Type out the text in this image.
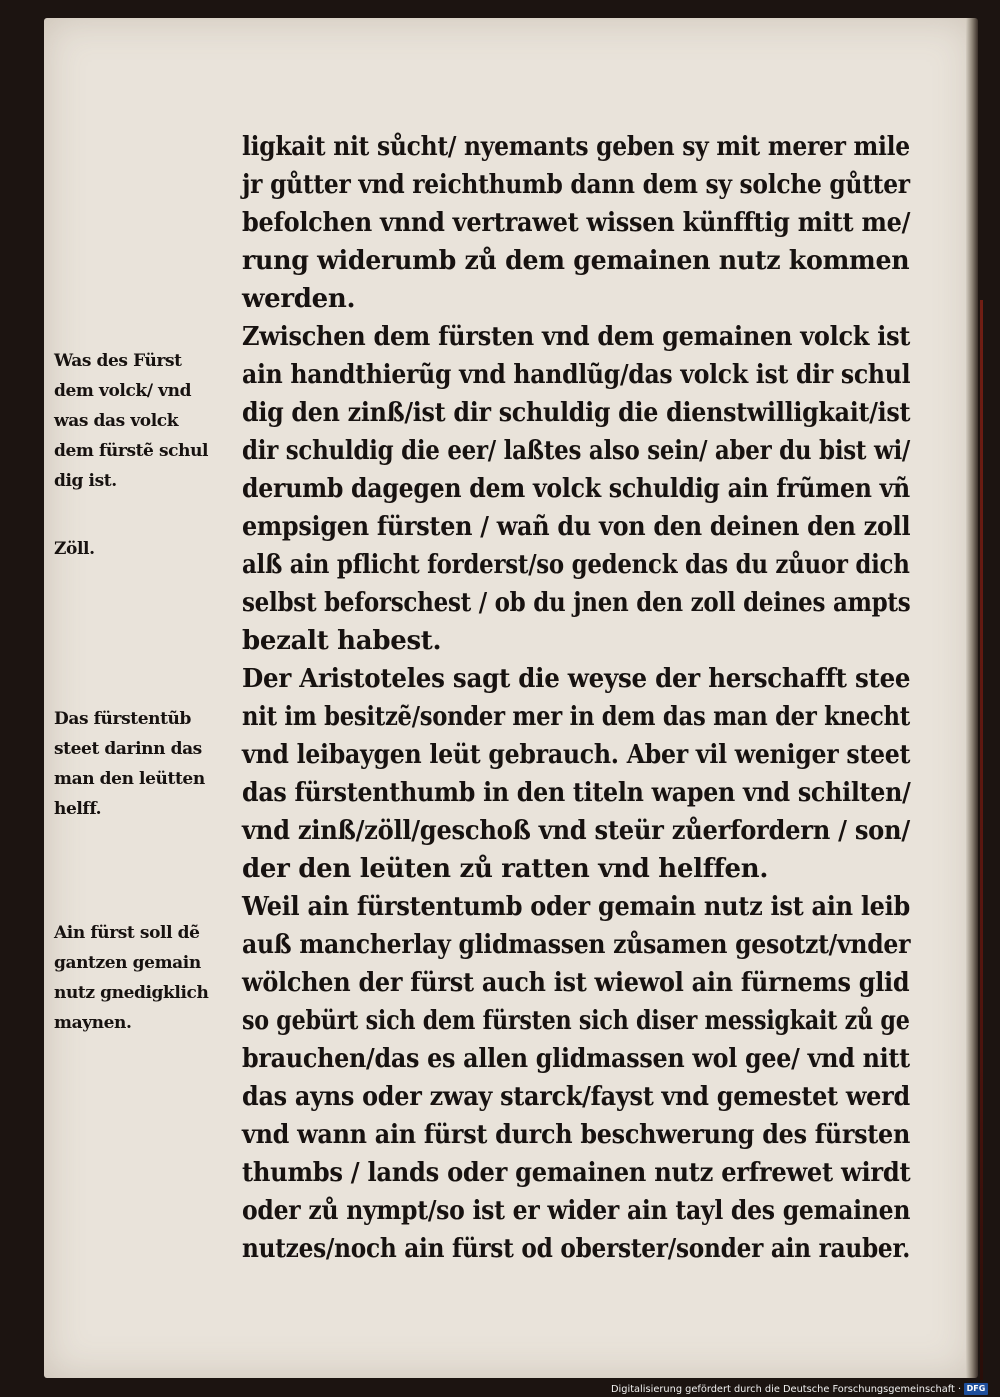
ligkait nit sůcht/ nyemants geben sy mit merer mile

jr gůtter vnd reichthumb dann dem sy solche gůtter

befolchen vnnd vertrawet wissen künfftig mitt me/

rung widerumb zů dem gemainen nutz kommen

werden.

Zwischen dem fürsten vnd dem gemainen volck ist

ain handthierũg vnd handlũg/das volck ist dir schul

dig den zinß/ist dir schuldig die dienstwilligkait/ist

dir schuldig die eer/ laßtes also sein/ aber du bist wi/

derumb dagegen dem volck schuldig ain frũmen vñ

empsigen fürsten / wañ du von den deinen den zoll

alß ain pflicht forderst/so gedenck das du zůuor dich

selbst beforschest / ob du jnen den zoll deines ampts

bezalt habest.

Der Aristoteles sagt die weyse der herschafft stee

nit im besitzẽ/sonder mer in dem das man der knecht

vnd leibaygen leüt gebrauch. Aber vil weniger steet

das fürstenthumb in den titeln wapen vnd schilten/

vnd zinß/zöll/geschoß vnd steür zůerfordern / son/

der den leüten zů ratten vnd helffen.

Weil ain fürstentumb oder gemain nutz ist ain leib

auß mancherlay glidmassen zůsamen gesotzt/vnder

wölchen der fürst auch ist wiewol ain fürnems glid

so gebürt sich dem fürsten sich diser messigkait zů ge

brauchen/das es allen glidmassen wol gee/ vnd nitt

das ayns oder zway starck/fayst vnd gemestet werd

vnd wann ain fürst durch beschwerung des fürsten

thumbs / lands oder gemainen nutz erfrewet wirdt

oder zů nympt/so ist er wider ain tayl des gemainen

nutzes/noch ain fürst od oberster/sonder ain rauber.

Was des Fürst

dem volck/ vnd

was das volck

dem fürstẽ schul

dig ist.

Zöll.

Das fürstentũb

steet darinn das

man den leütten

helff.

Ain fürst soll dẽ

gantzen gemain

nutz gnedigklich

maynen.

Digitalisierung gefördert durch die Deutsche Forschungsgemeinschaft · DFG
